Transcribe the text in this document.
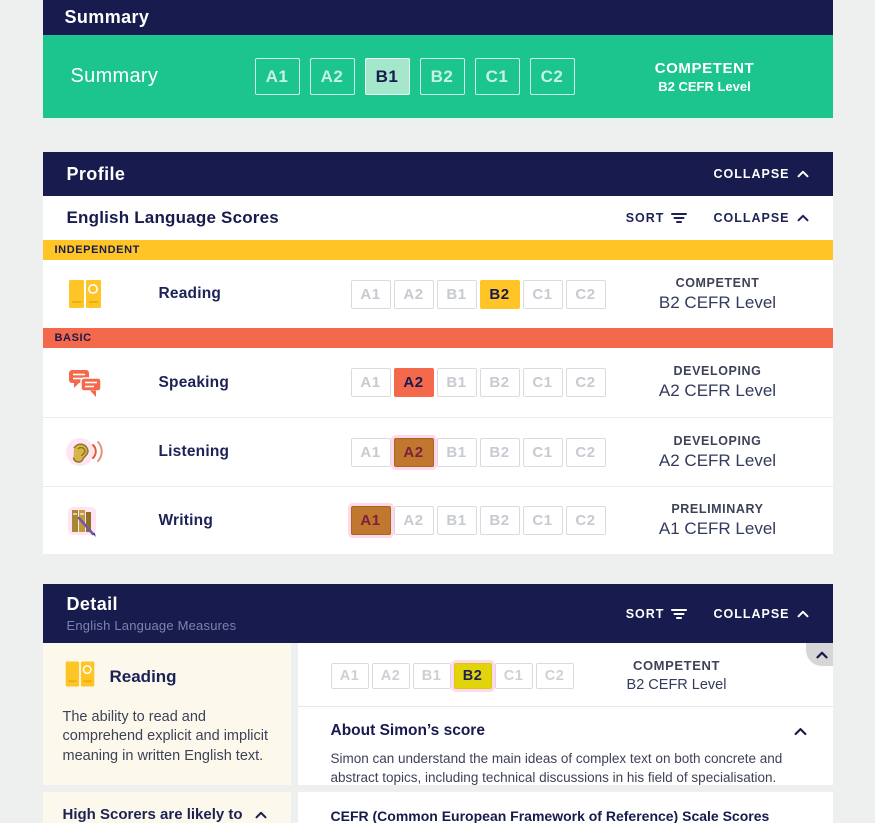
Summary
Summary	A1	A2	B1	B2	C1	C2	COMPETENT
B2 CEFR Level
Profile	COLLAPSE
English Language Scores	SORT	COLLAPSE
INDEPENDENT
Reading	A1	A2	B1	B2	C1	C2
COMPETENT
B2 CEFR Level
BASIC
Speaking	A1	A2	B1	B2	C1	C2
DEVELOPING
A2 CEFR Level
Listening	A1	A2	B1	B2	C1	C2
DEVELOPING
A2 CEFR Level
Writing	A1	A2	B1	B2	C1	C2
PRELIMINARY
A1 CEFR Level
Detail
English Language Measures
SORT	COLLAPSE
Reading

The ability to read and comprehend explicit and implicit meaning in written English text.

A1	A2	B1	B2	C1	C2
COMPETENT
B2 CEFR Level
About Simon’s score

Simon can understand the main ideas of complex text on both concrete and abstract topics, including technical discussions in his field of specialisation.

High Scorers are likely to	CEFR (Common European Framework of Reference) Scale Scores
